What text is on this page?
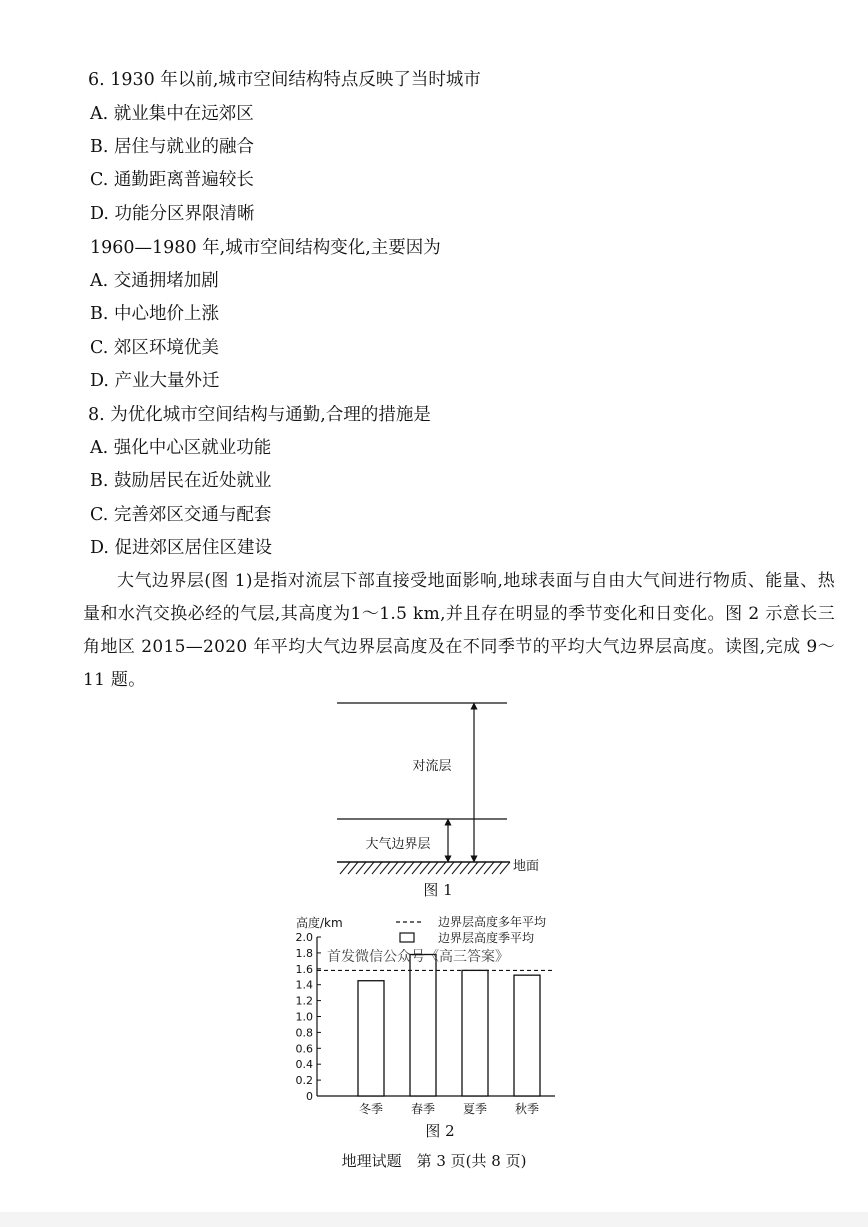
6. 1930 年以前,城市空间结构特点反映了当时城市
A. 就业集中在远郊区
B. 居住与就业的融合
C. 通勤距离普遍较长
D. 功能分区界限清晰
1960—1980 年,城市空间结构变化,主要因为
A. 交通拥堵加剧
B. 中心地价上涨
C. 郊区环境优美
D. 产业大量外迁
8. 为优化城市空间结构与通勤,合理的措施是
A. 强化中心区就业功能
B. 鼓励居民在近处就业
C. 完善郊区交通与配套
D. 促进郊区居住区建设
大气边界层(图 1)是指对流层下部直接受地面影响,地球表面与自由大气间进行物质、能量、热量和水汽交换必经的气层,其高度为1～1.5 km,并且存在明显的季节变化和日变化。图 2 示意长三角地区 2015—2020 年平均大气边界层高度及在不同季节的平均大气边界层高度。读图,完成 9～11 题。
对流层
大气边界层
地面
图 1
高度/km	边界层高度多年平均
边界层高度季平均
2.0
1.8
1.6
1.4
1.2
1.0
0.8
0.6
0.4
0.2
0
冬季 春季 夏季 秋季
首发微信公众号《高三答案》
图 2
地理试题　第 3 页(共 8 页)
